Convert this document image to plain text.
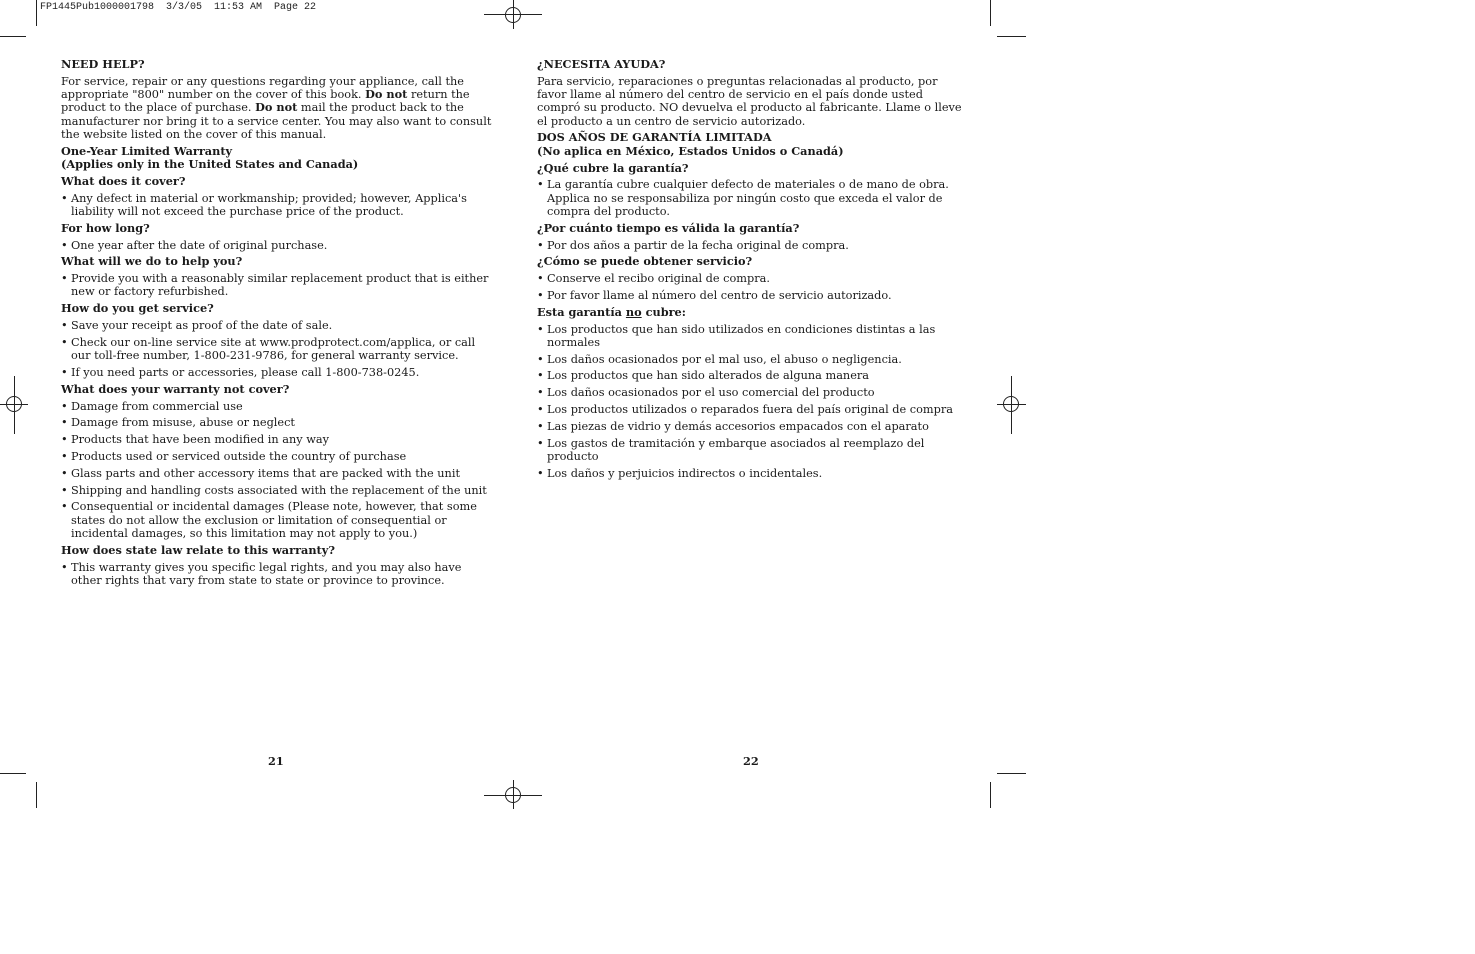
FP1445Pub1000001798  3/3/05  11:53 AM  Page 22
NEED HELP?

For service, repair or any questions regarding your appliance, call the appropriate "800" number on the cover of this book. Do not return the product to the place of purchase. Do not mail the product back to the manufacturer nor bring it to a service center. You may also want to consult the website listed on the cover of this manual.

One-Year Limited Warranty
(Applies only in the United States and Canada)
What does it cover?
• Any defect in material or workmanship; provided; however, Applica's liability will not exceed the purchase price of the product.
For how long?
• One year after the date of original purchase.
What will we do to help you?
• Provide you with a reasonably similar replacement product that is either new or factory refurbished.
How do you get service?
• Save your receipt as proof of the date of sale.
• Check our on-line service site at www.prodprotect.com/applica, or call our toll-free number, 1-800-231-9786, for general warranty service.
• If you need parts or accessories, please call 1-800-738-0245.
What does your warranty not cover?
• Damage from commercial use
• Damage from misuse, abuse or neglect
• Products that have been modified in any way
• Products used or serviced outside the country of purchase
• Glass parts and other accessory items that are packed with the unit
• Shipping and handling costs associated with the replacement of the unit
• Consequential or incidental damages (Please note, however, that some states do not allow the exclusion or limitation of consequential or incidental damages, so this limitation may not apply to you.)
How does state law relate to this warranty?
• This warranty gives you specific legal rights, and you may also have other rights that vary from state to state or province to province.
¿NECESITA AYUDA?

Para servicio, reparaciones o preguntas relacionadas al producto, por favor llame al número del centro de servicio en el país donde usted compró su producto. NO devuelva el producto al fabricante. Llame o lleve el producto a un centro de servicio autorizado.

DOS AÑOS DE GARANTÍA LIMITADA
(No aplica en México, Estados Unidos o Canadá)
¿Qué cubre la garantía?
• La garantía cubre cualquier defecto de materiales o de mano de obra. Applica no se responsabiliza por ningún costo que exceda el valor de compra del producto.
¿Por cuánto tiempo es válida la garantía?
• Por dos años a partir de la fecha original de compra.
¿Cómo se puede obtener servicio?
• Conserve el recibo original de compra.
• Por favor llame al número del centro de servicio autorizado.
Esta garantía no cubre:
• Los productos que han sido utilizados en condiciones distintas a las normales
• Los daños ocasionados por el mal uso, el abuso o negligencia.
• Los productos que han sido alterados de alguna manera
• Los daños ocasionados por el uso comercial del producto
• Los productos utilizados o reparados fuera del país original de compra
• Las piezas de vidrio y demás accesorios empacados con el aparato
• Los gastos de tramitación y embarque asociados al reemplazo del producto
• Los daños y perjuicios indirectos o incidentales.
21	22
